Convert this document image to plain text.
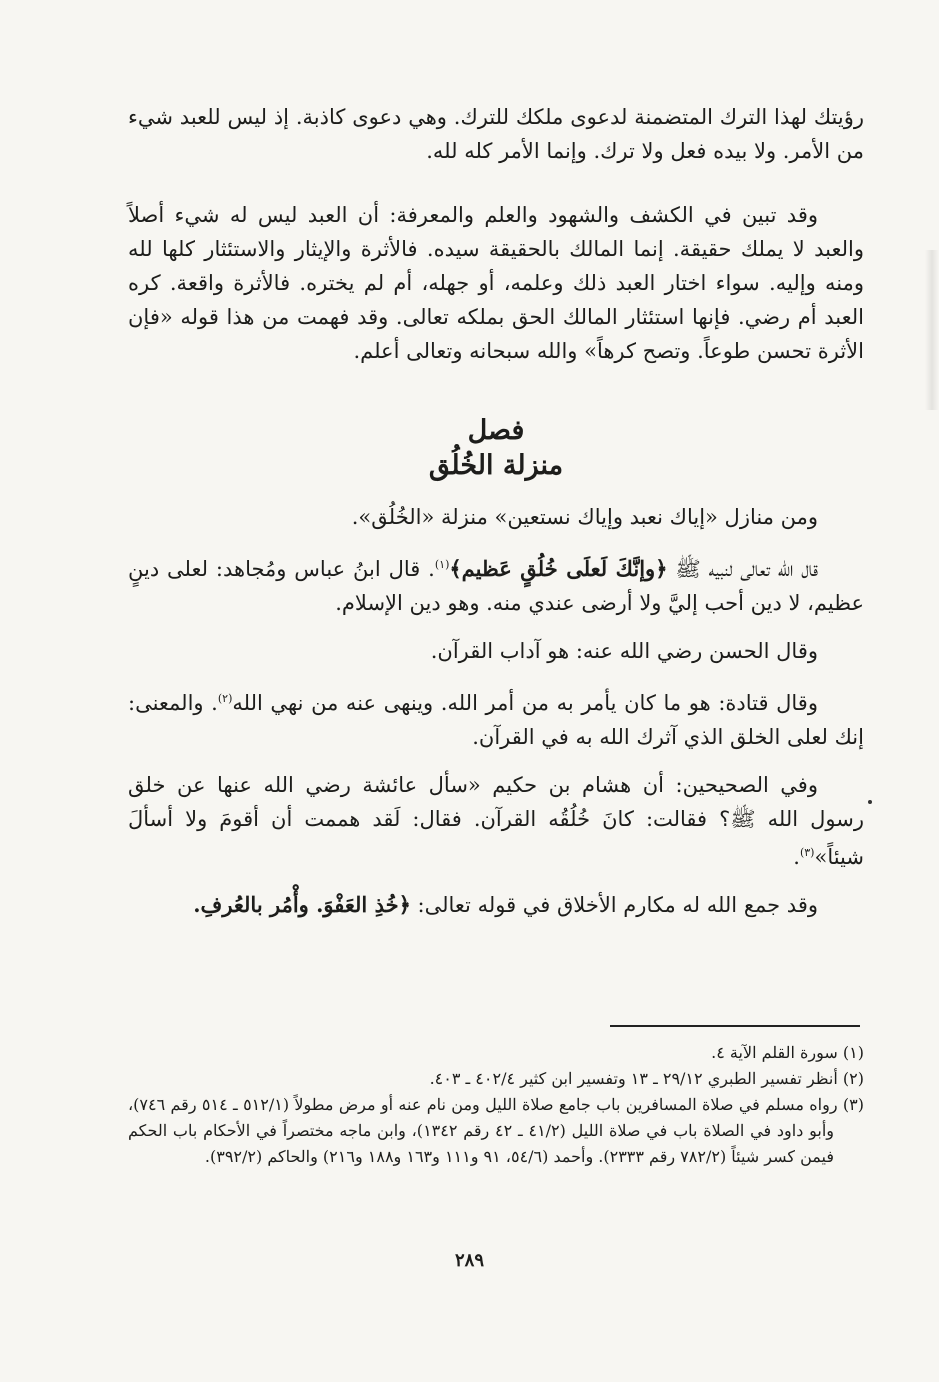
رؤيتك لهذا الترك المتضمنة لدعوى ملكك للترك. وهي دعوى كاذبة. إذ ليس للعبد شيء من الأمر. ولا بيده فعل ولا ترك. وإنما الأمر كله لله.

وقد تبين في الكشف والشهود والعلم والمعرفة: أن العبد ليس له شيء أصلاً والعبد لا يملك حقيقة. إنما المالك بالحقيقة سيده. فالأثرة والإيثار والاستئثار كلها لله ومنه وإليه. سواء اختار العبد ذلك وعلمه، أو جهله، أم لم يختره. فالأثرة واقعة. كره العبد أم رضي. فإنها استئثار المالك الحق بملكه تعالى. وقد فهمت من هذا قوله «فإن الأثرة تحسن طوعاً. وتصح كرهاً» والله سبحانه وتعالى أعلم.

فصل
منزلة الخُلُق

ومن منازل «إياك نعبد وإياك نستعين» منزلة «الخُلُق».

قال الله تعالى لنبيه ﷺ ﴿وإنَّكَ لَعلَى خُلُقٍ عَظيم﴾$^{(١)}$. قال ابنُ عباس ومُجاهد: لعلى دينٍ عظيم، لا دين أحب إليَّ ولا أرضى عندي منه. وهو دين الإسلام.

وقال الحسن رضي الله عنه: هو آداب القرآن.

وقال قتادة: هو ما كان يأمر به من أمر الله. وينهى عنه من نهي الله$^{(٢)}$. والمعنى: إنك لعلى الخلق الذي آثرك الله به في القرآن.

وفي الصحيحين: أن هشام بن حكيم «سأل عائشة رضي الله عنها عن خلق رسول الله ﷺ؟ فقالت: كانَ خُلُقُه القرآن. فقال: لَقد هممت أن أقومَ ولا أسألَ شيئاً»$^{(٣)}$.

وقد جمع الله له مكارم الأخلاق في قوله تعالى: ﴿خُذِ العَفْوَ. وأْمُر بالعُرفِ.

(١) سورة القلم الآية ٤.

(٢) أنظر تفسير الطبري ٢٩/١٢ ـ ١٣ وتفسير ابن كثير ٤٠٢/٤ ـ ٤٠٣.

(٣) رواه مسلم في صلاة المسافرين باب جامع صلاة الليل ومن نام عنه أو مرض مطولاً (٥١٢/١ ـ ٥١٤ رقم ٧٤٦)، وأبو داود في الصلاة باب في صلاة الليل (٤١/٢ ـ ٤٢ رقم ١٣٤٢)، وابن ماجه مختصراً في الأحكام باب الحكم فيمن كسر شيئاً (٧٨٢/٢ رقم ٢٣٣٣). وأحمد (٥٤/٦، ٩١ و١١١ و١٦٣ و١٨٨ و٢١٦) والحاكم (٣٩٢/٢).

٢٨٩
